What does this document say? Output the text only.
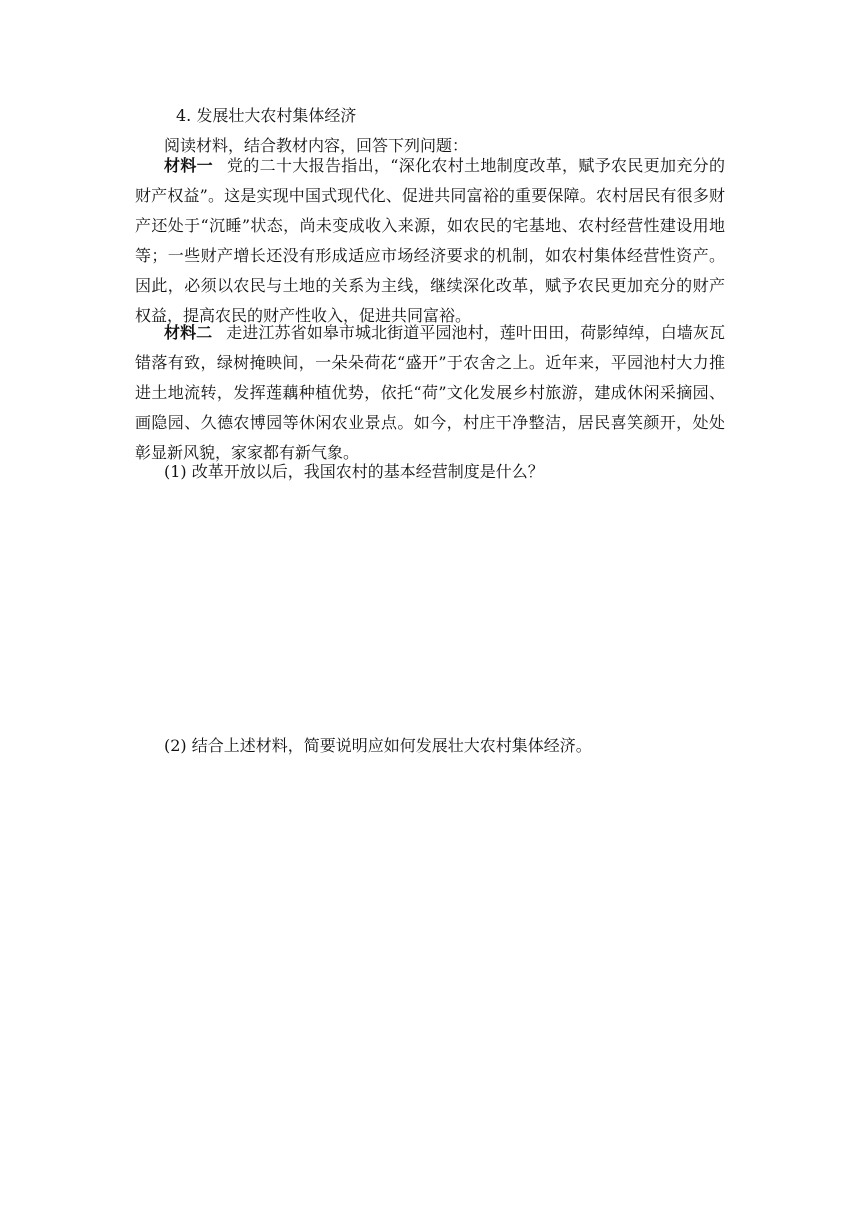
4. 发展壮大农村集体经济
阅读材料，结合教材内容，回答下列问题：
材料一 党的二十大报告指出，“深化农村土地制度改革，赋予农民更加充分的财产权益”。这是实现中国式现代化、促进共同富裕的重要保障。农村居民有很多财产还处于“沉睡”状态，尚未变成收入来源，如农民的宅基地、农村经营性建设用地等；一些财产增长还没有形成适应市场经济要求的机制，如农村集体经营性资产。因此，必须以农民与土地的关系为主线，继续深化改革，赋予农民更加充分的财产权益，提高农民的财产性收入，促进共同富裕。
材料二 走进江苏省如皋市城北街道平园池村，莲叶田田，荷影绰绰，白墙灰瓦错落有致，绿树掩映间，一朵朵荷花“盛开”于农舍之上。近年来，平园池村大力推进土地流转，发挥莲藕种植优势，依托“荷”文化发展乡村旅游，建成休闲采摘园、画隐园、久德农博园等休闲农业景点。如今，村庄干净整洁，居民喜笑颜开，处处彰显新风貌，家家都有新气象。
(1) 改革开放以后，我国农村的基本经营制度是什么？
(2) 结合上述材料，简要说明应如何发展壮大农村集体经济。
